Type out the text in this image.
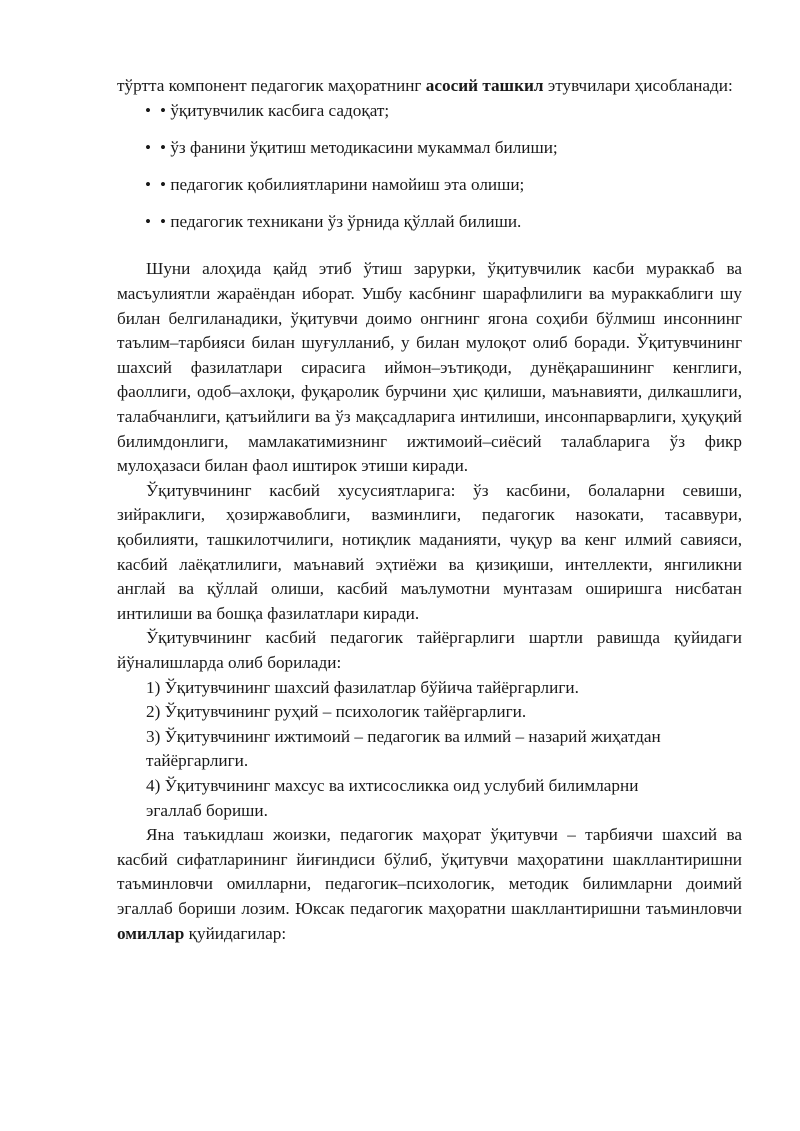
тўртта компонент педагогик маҳоратнинг асосий ташкил этувчилари ҳисобланади:

• • ўқитувчилик касбига садоқат;
• • ўз фанини ўқитиш методикасини мукаммал билиши;
• • педагогик қобилиятларини намойиш эта олиши;
• • педагогик техникани ўз ўрнида қўллай билиши.

Шуни алоҳида қайд этиб ўтиш зарурки, ўқитувчилик касби мураккаб ва масъулиятли жараёндан иборат. Ушбу касбнинг шарафлилиги ва мураккаблиги шу билан белгиланадики, ўқитувчи доимо онгнинг ягона соҳиби бўлмиш инсоннинг таълим–тарбияси билан шуғулланиб, у билан мулоқот олиб боради. Ўқитувчининг шахсий фазилатлари сирасига иймон–эътиқоди, дунёқарашининг кенглиги, фаоллиги, одоб–ахлоқи, фуқаролик бурчини ҳис қилиши, маънавияти, дилкашлиги, талабчанлиги, қатъийлиги ва ўз мақсадларига интилиши, инсонпарварлиги, ҳуқуқий билимдонлиги, мамлакатимизнинг ижтимоий–сиёсий талабларига ўз фикр мулоҳазаси билан фаол иштирок этиши киради.

Ўқитувчининг касбий хусусиятларига: ўз касбини, болаларни севиши, зийраклиги, ҳозиржавоблиги, вазминлиги, педагогик назокати, тасаввури, қобилияти, ташкилотчилиги, нотиқлик маданияти, чуқур ва кенг илмий савияси, касбий лаёқатлилиги, маънавий эҳтиёжи ва қизиқиши, интеллекти, янгиликни англай ва қўллай олиши, касбий маълумотни мунтазам оширишга нисбатан интилиши ва бошқа фазилатлари киради.

Ўқитувчининг касбий педагогик тайёргарлиги шартли равишда қуйидаги йўналишларда олиб борилади:

1) Ўқитувчининг шахсий фазилатлар бўйича тайёргарлиги.

2) Ўқитувчининг руҳий – психологик тайёргарлиги.

3) Ўқитувчининг ижтимоий – педагогик ва илмий – назарий жиҳатдан

тайёргарлиги.

4) Ўқитувчининг махсус ва ихтисосликка оид услубий билимларни

эгаллаб бориши.

Яна таъкидлаш жоизки, педагогик маҳорат ўқитувчи – тарбиячи шахсий ва касбий сифатларининг йиғиндиси бўлиб, ўқитувчи маҳоратини шакллантиришни таъминловчи омилларни, педагогик–психологик, методик билимларни доимий эгаллаб бориши лозим. Юксак педагогик маҳоратни шакллантиришни таъминловчи омиллар қуйидагилар:
